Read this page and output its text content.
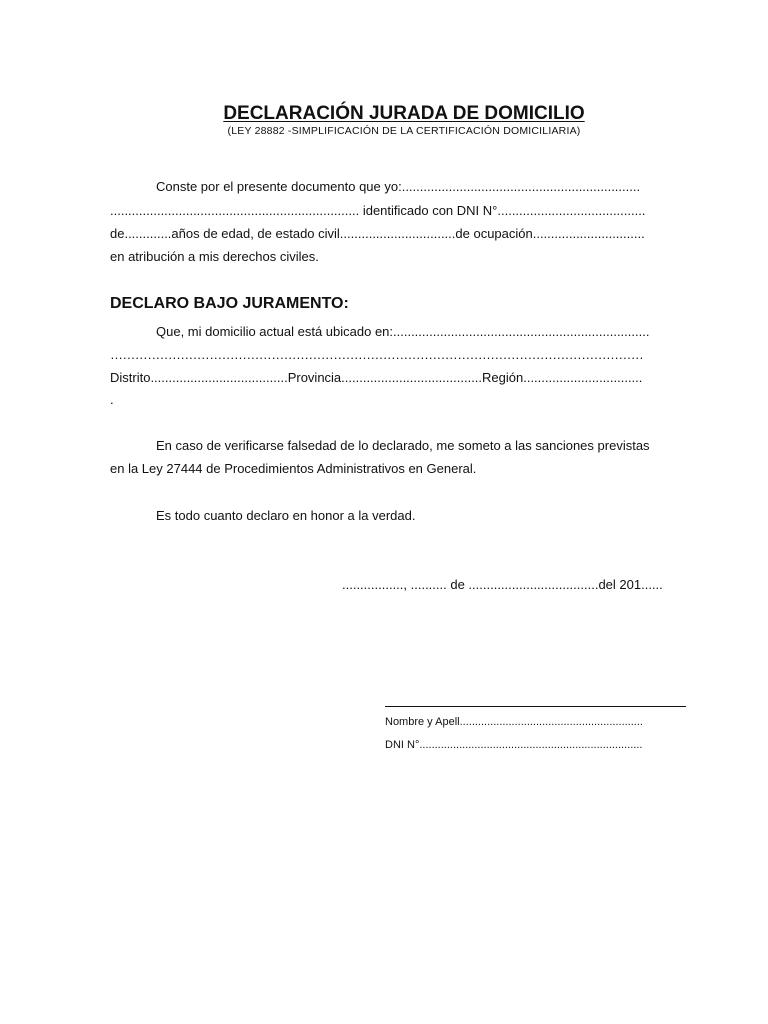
DECLARACIÓN JURADA DE DOMICILIO
(LEY 28882 -SIMPLIFICACIÓN DE LA CERTIFICACIÓN DOMICILIARIA)
Conste por el presente documento que yo:..................................................................
..................................................................... identificado con DNI N°.........................................
de.............años de edad, de estado civil................................de ocupación...............................
en atribución a mis derechos civiles.
DECLARO BAJO JURAMENTO:
Que, mi domicilio actual está ubicado en:.......................................................................
…………………………………………………………………………………………………………………
Distrito......................................Provincia.......................................Región.................................
.
En caso de verificarse falsedad de lo declarado, me someto a las sanciones previstas
en la Ley 27444 de Procedimientos Administrativos en General.
Es todo cuanto declaro en honor a la verdad.
................., .......... de ....................................del 201......
Nombre y Apell............................................................
DNI N°.........................................................................
